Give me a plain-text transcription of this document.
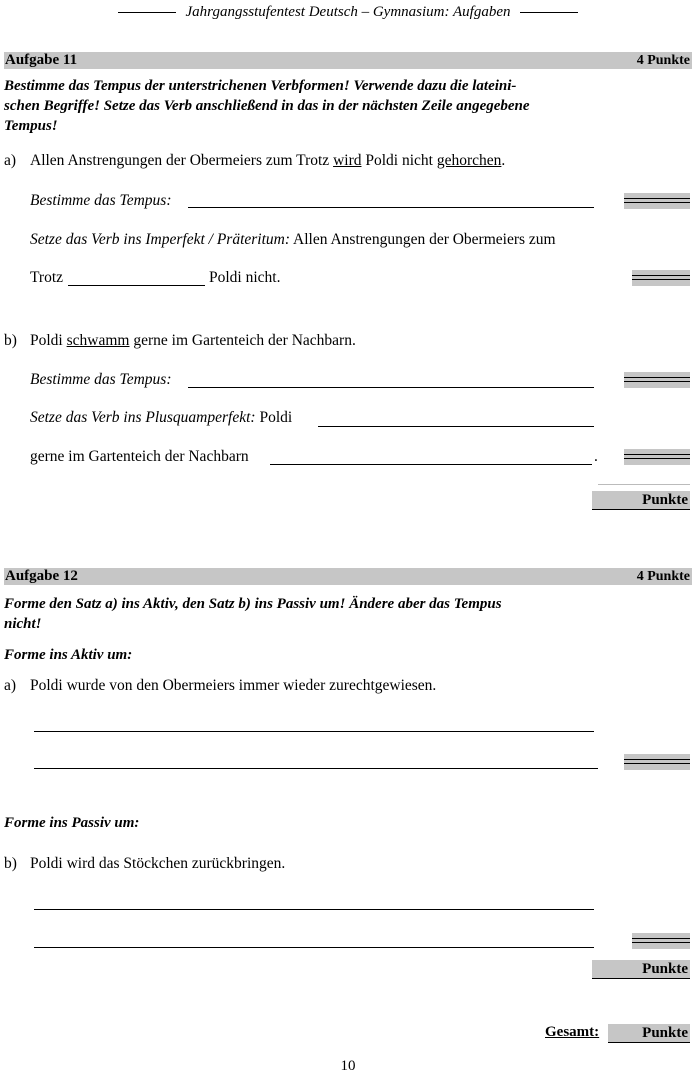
Jahrgangsstufentest Deutsch – Gymnasium: Aufgaben
Aufgabe 11	4 Punkte
Bestimme das Tempus der unterstrichenen Verbformen! Verwende dazu die lateini-
schen Begriffe! Setze das Verb anschließend in das in der nächsten Zeile angegebene
Tempus!
a) Allen Anstrengungen der Obermeiers zum Trotz wird Poldi nicht gehorchen.
Bestimme das Tempus:
Setze das Verb ins Imperfekt / Präteritum: Allen Anstrengungen der Obermeiers zum
Trotz	Poldi nicht.
b) Poldi schwamm gerne im Gartenteich der Nachbarn.
Bestimme das Tempus:
Setze das Verb ins Plusquamperfekt: Poldi
gerne im Gartenteich der Nachbarn	.
Punkte
Aufgabe 12	4 Punkte
Forme den Satz a) ins Aktiv, den Satz b) ins Passiv um! Ändere aber das Tempus
nicht!
Forme ins Aktiv um:
a) Poldi wurde von den Obermeiers immer wieder zurechtgewiesen.
Forme ins Passiv um:
b) Poldi wird das Stöckchen zurückbringen.
Punkte
Gesamt:	Punkte
10
